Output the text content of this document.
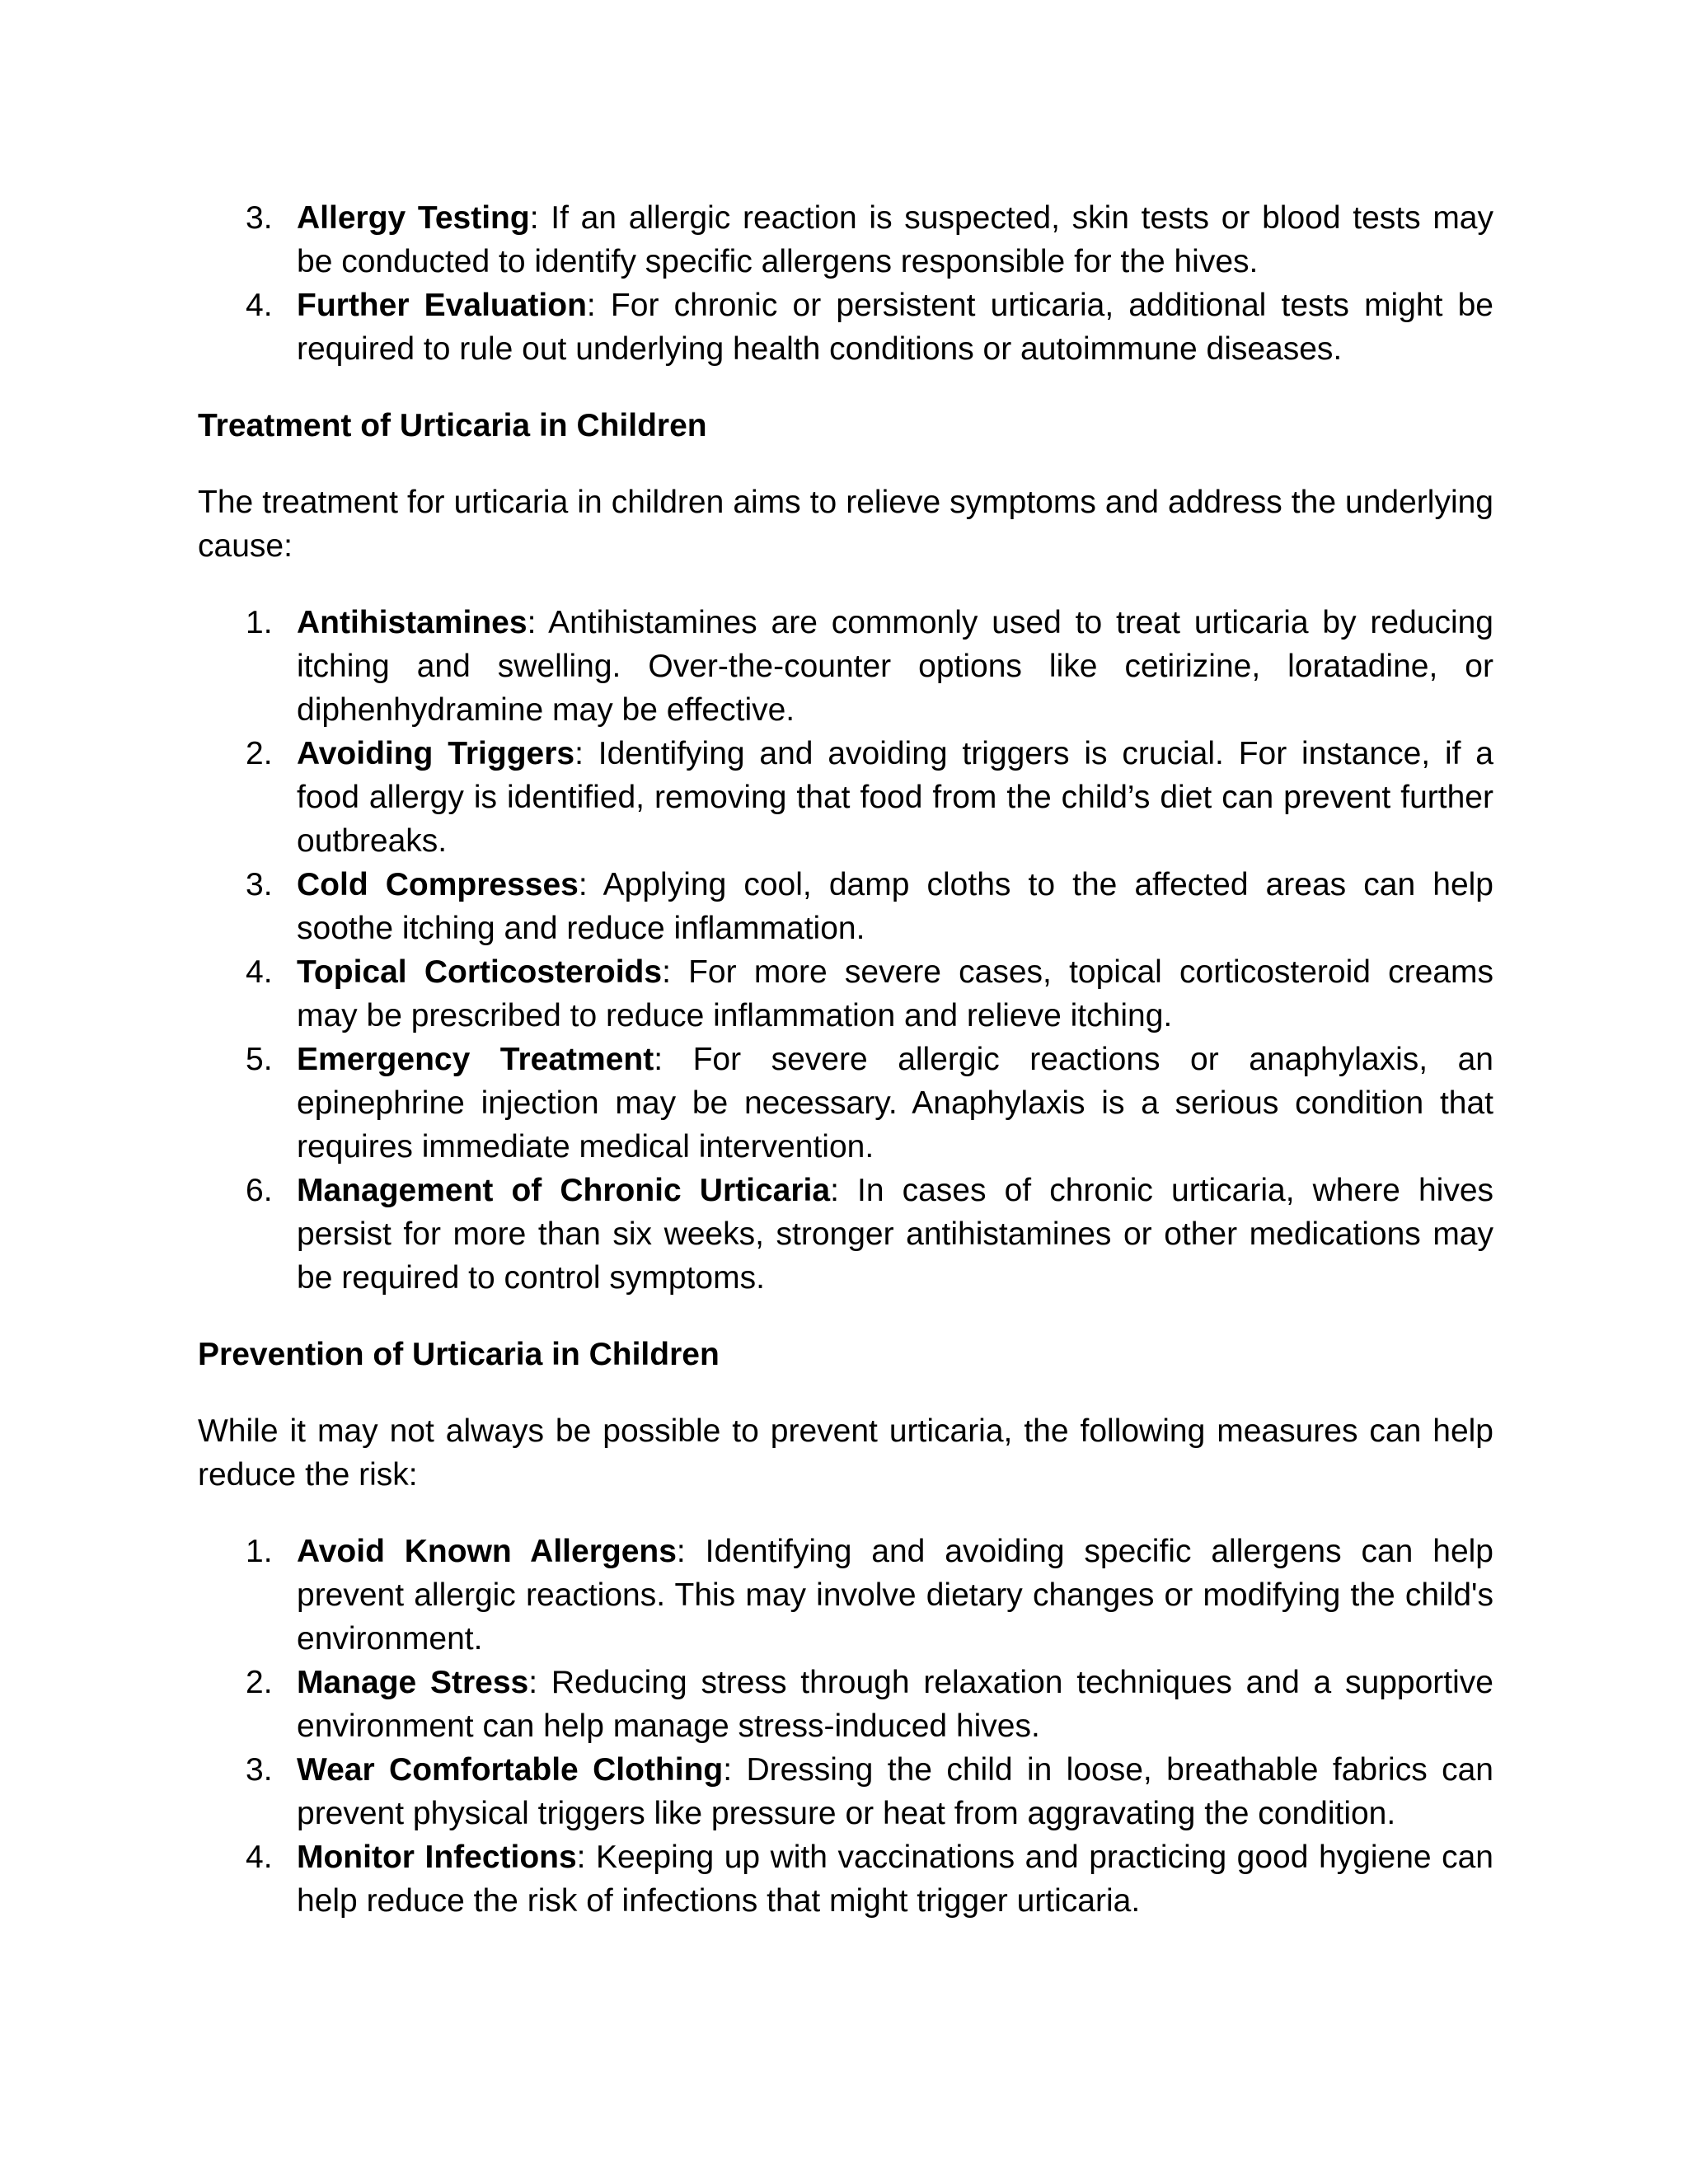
3. Allergy Testing: If an allergic reaction is suspected, skin tests or blood tests may be conducted to identify specific allergens responsible for the hives.
4. Further Evaluation: For chronic or persistent urticaria, additional tests might be required to rule out underlying health conditions or autoimmune diseases.
Treatment of Urticaria in Children

The treatment for urticaria in children aims to relieve symptoms and address the underlying cause:

1. Antihistamines: Antihistamines are commonly used to treat urticaria by reducing itching and swelling. Over-the-counter options like cetirizine, loratadine, or diphenhydramine may be effective.
2. Avoiding Triggers: Identifying and avoiding triggers is crucial. For instance, if a food allergy is identified, removing that food from the child’s diet can prevent further outbreaks.
3. Cold Compresses: Applying cool, damp cloths to the affected areas can help soothe itching and reduce inflammation.
4. Topical Corticosteroids: For more severe cases, topical corticosteroid creams may be prescribed to reduce inflammation and relieve itching.
5. Emergency Treatment: For severe allergic reactions or anaphylaxis, an epinephrine injection may be necessary. Anaphylaxis is a serious condition that requires immediate medical intervention.
6. Management of Chronic Urticaria: In cases of chronic urticaria, where hives persist for more than six weeks, stronger antihistamines or other medications may be required to control symptoms.
Prevention of Urticaria in Children

While it may not always be possible to prevent urticaria, the following measures can help reduce the risk:

1. Avoid Known Allergens: Identifying and avoiding specific allergens can help prevent allergic reactions. This may involve dietary changes or modifying the child's environment.
2. Manage Stress: Reducing stress through relaxation techniques and a supportive environment can help manage stress-induced hives.
3. Wear Comfortable Clothing: Dressing the child in loose, breathable fabrics can prevent physical triggers like pressure or heat from aggravating the condition.
4. Monitor Infections: Keeping up with vaccinations and practicing good hygiene can help reduce the risk of infections that might trigger urticaria.
